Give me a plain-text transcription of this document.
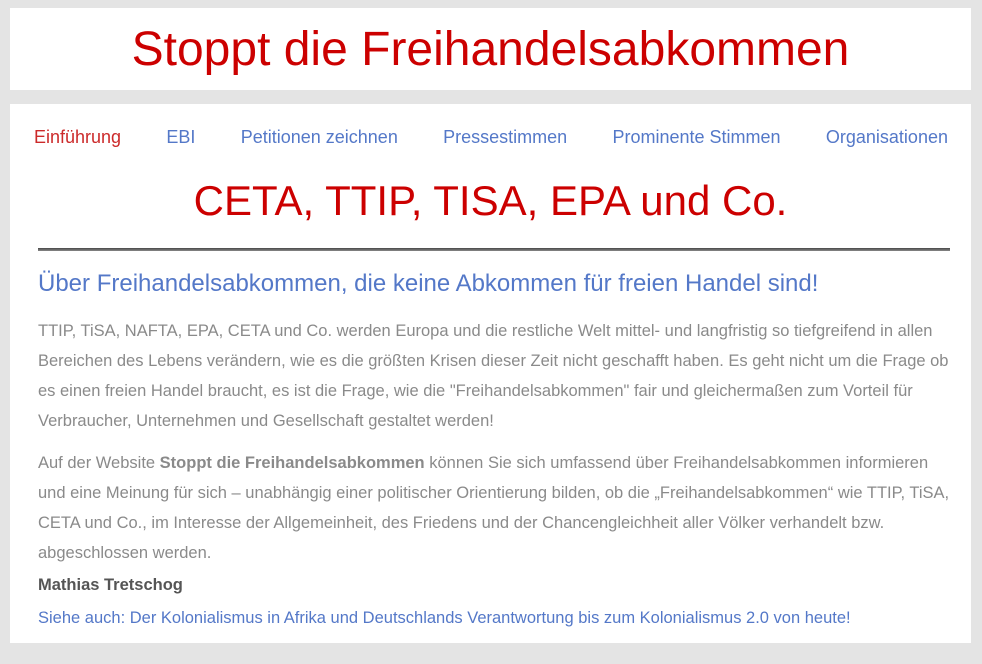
Stoppt die Freihandelsabkommen
Einführung	EBI	Petitionen zeichnen	Pressestimmen	Prominente Stimmen	Organisationen
CETA, TTIP, TISA, EPA und Co.
Über Freihandelsabkommen, die keine Abkommen für freien Handel sind!

TTIP, TiSA, NAFTA, EPA, CETA und Co. werden Europa und die restliche Welt mittel- und langfristig so tiefgreifend in allen Bereichen des Lebens verändern, wie es die größten Krisen dieser Zeit nicht geschafft haben. Es geht nicht um die Frage ob es einen freien Handel braucht, es ist die Frage, wie die "Freihandelsabkommen" fair und gleichermaßen zum Vorteil für Verbraucher, Unternehmen und Gesellschaft gestaltet werden!

Auf der Website Stoppt die Freihandelsabkommen können Sie sich umfassend über Freihandelsabkommen informieren und eine Meinung für sich – unabhängig einer politischer Orientierung bilden, ob die „Freihandelsabkommen“ wie TTIP, TiSA, CETA und Co., im Interesse der Allgemeinheit, des Friedens und der Chancengleichheit aller Völker verhandelt bzw. abgeschlossen werden.

Mathias Tretschog

Siehe auch: Der Kolonialismus in Afrika und Deutschlands Verantwortung bis zum Kolonialismus 2.0 von heute!
